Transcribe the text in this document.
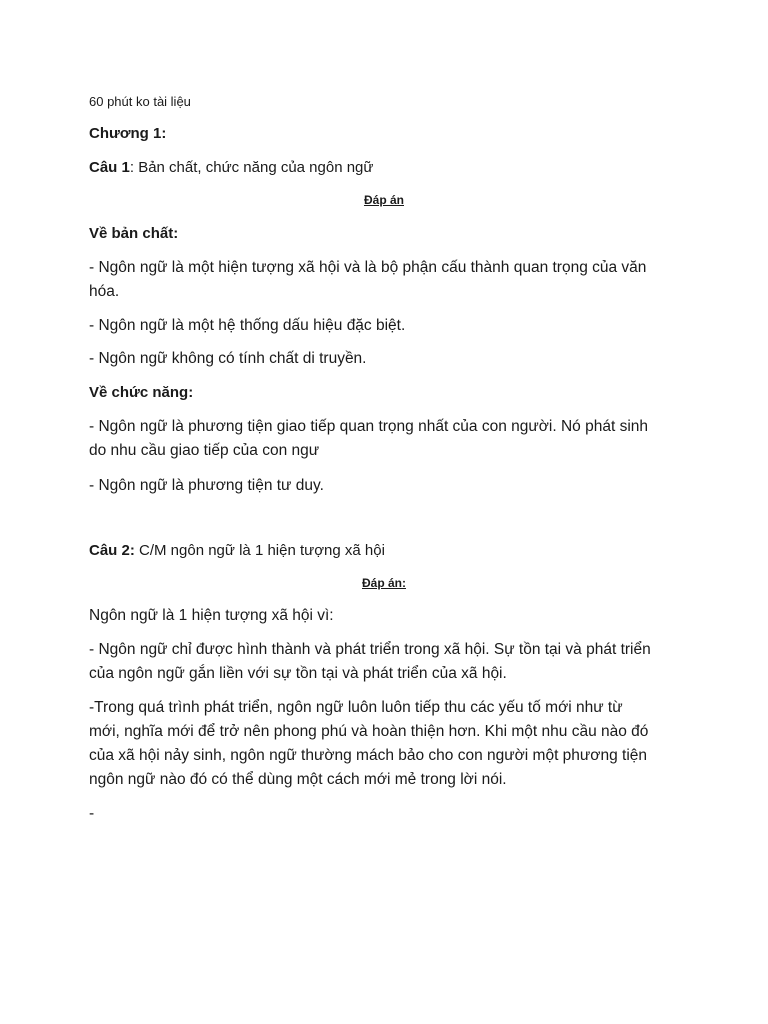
60 phút ko tài liệu
Chương 1:
Câu 1: Bản chất, chức năng của ngôn ngữ
Đáp án
Về bản chất:
- Ngôn ngữ là một hiện tượng xã hội và là bộ phận cấu thành quan trọng của văn
hóa.
- Ngôn ngữ là một hệ thống dấu hiệu đặc biệt.
- Ngôn ngữ không có tính chất di truyền.
Về chức năng:
- Ngôn ngữ là phương tiện giao tiếp quan trọng nhất của con người. Nó phát sinh
do nhu cầu giao tiếp của con ngư
- Ngôn ngữ là phương tiện tư duy.
Câu 2: C/M ngôn ngữ là 1 hiện tượng xã hội
Đáp án:
Ngôn ngữ là 1 hiện tượng xã hội vì:
- Ngôn ngữ chỉ được hình thành và phát triển trong xã hội. Sự tồn tại và phát triển
của ngôn ngữ gắn liền với sự tồn tại và phát triển của xã hội.
-Trong quá trình phát triển, ngôn ngữ luôn luôn tiếp thu các yếu tố mới như từ
mới, nghĩa mới để trở nên phong phú và hoàn thiện hơn. Khi một nhu cầu nào đó
của xã hội nảy sinh, ngôn ngữ thường mách bảo cho con người một phương tiện
ngôn ngữ nào đó có thể dùng một cách mới mẻ trong lời nói.
-
